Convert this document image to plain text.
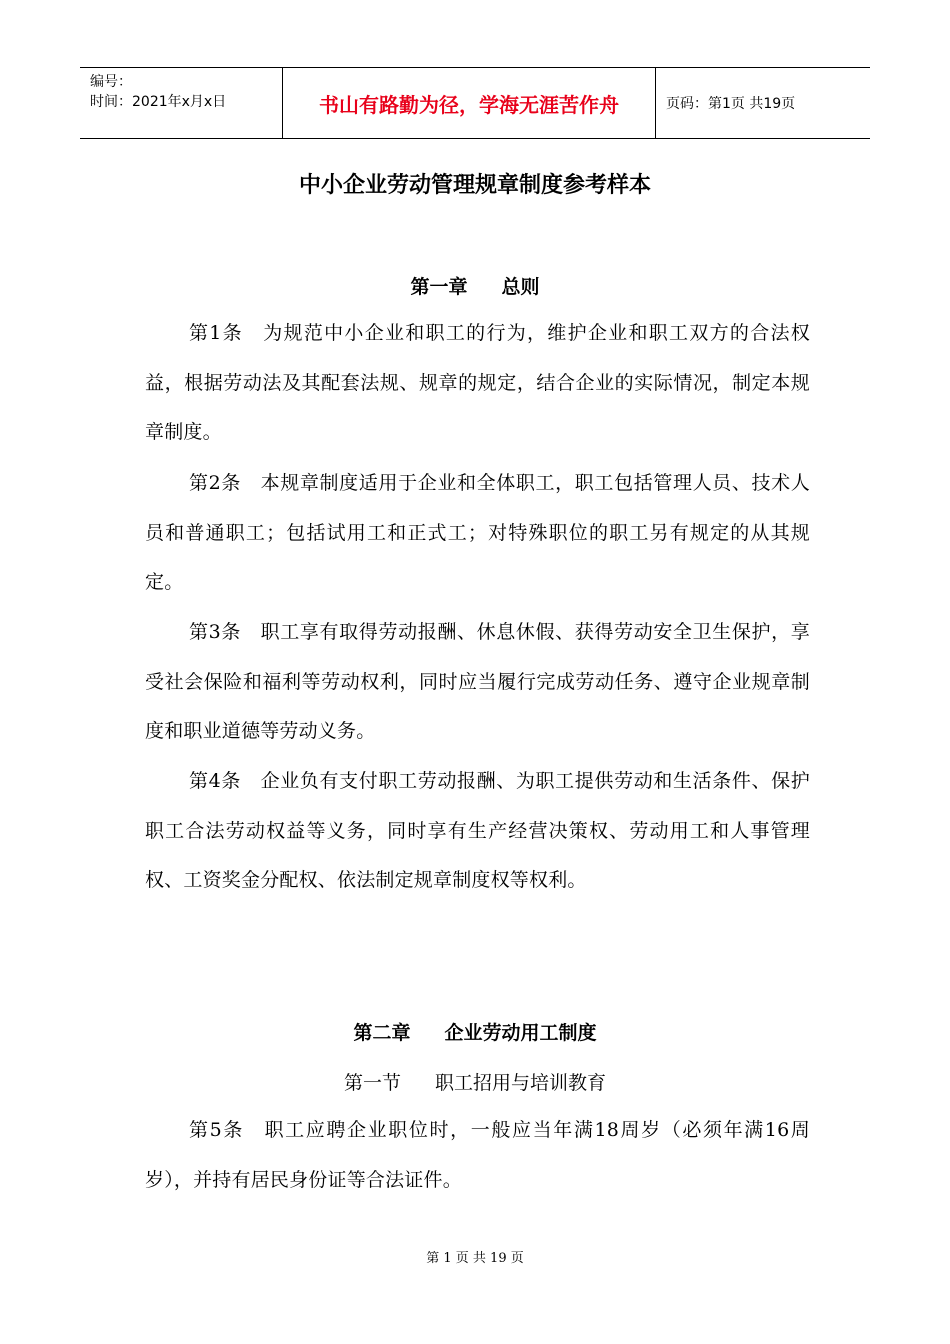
编号：
时间：2021年x月x日	书山有路勤为径，学海无涯苦作舟	页码：第1页 共19页
中小企业劳动管理规章制度参考样本
第一章 总则
第1条　为规范中小企业和职工的行为，维护企业和职工双方的合法权益，根据劳动法及其配套法规、规章的规定，结合企业的实际情况，制定本规章制度。
第2条　本规章制度适用于企业和全体职工，职工包括管理人员、技术人员和普通职工；包括试用工和正式工；对特殊职位的职工另有规定的从其规定。
第3条　职工享有取得劳动报酬、休息休假、获得劳动安全卫生保护，享受社会保险和福利等劳动权利，同时应当履行完成劳动任务、遵守企业规章制度和职业道德等劳动义务。
第4条　企业负有支付职工劳动报酬、为职工提供劳动和生活条件、保护职工合法劳动权益等义务，同时享有生产经营决策权、劳动用工和人事管理权、工资奖金分配权、依法制定规章制度权等权利。
第二章 企业劳动用工制度
第一节 职工招用与培训教育
第5条　职工应聘企业职位时，一般应当年满18周岁（必须年满16周岁），并持有居民身份证等合法证件。
第 1 页 共 19 页
